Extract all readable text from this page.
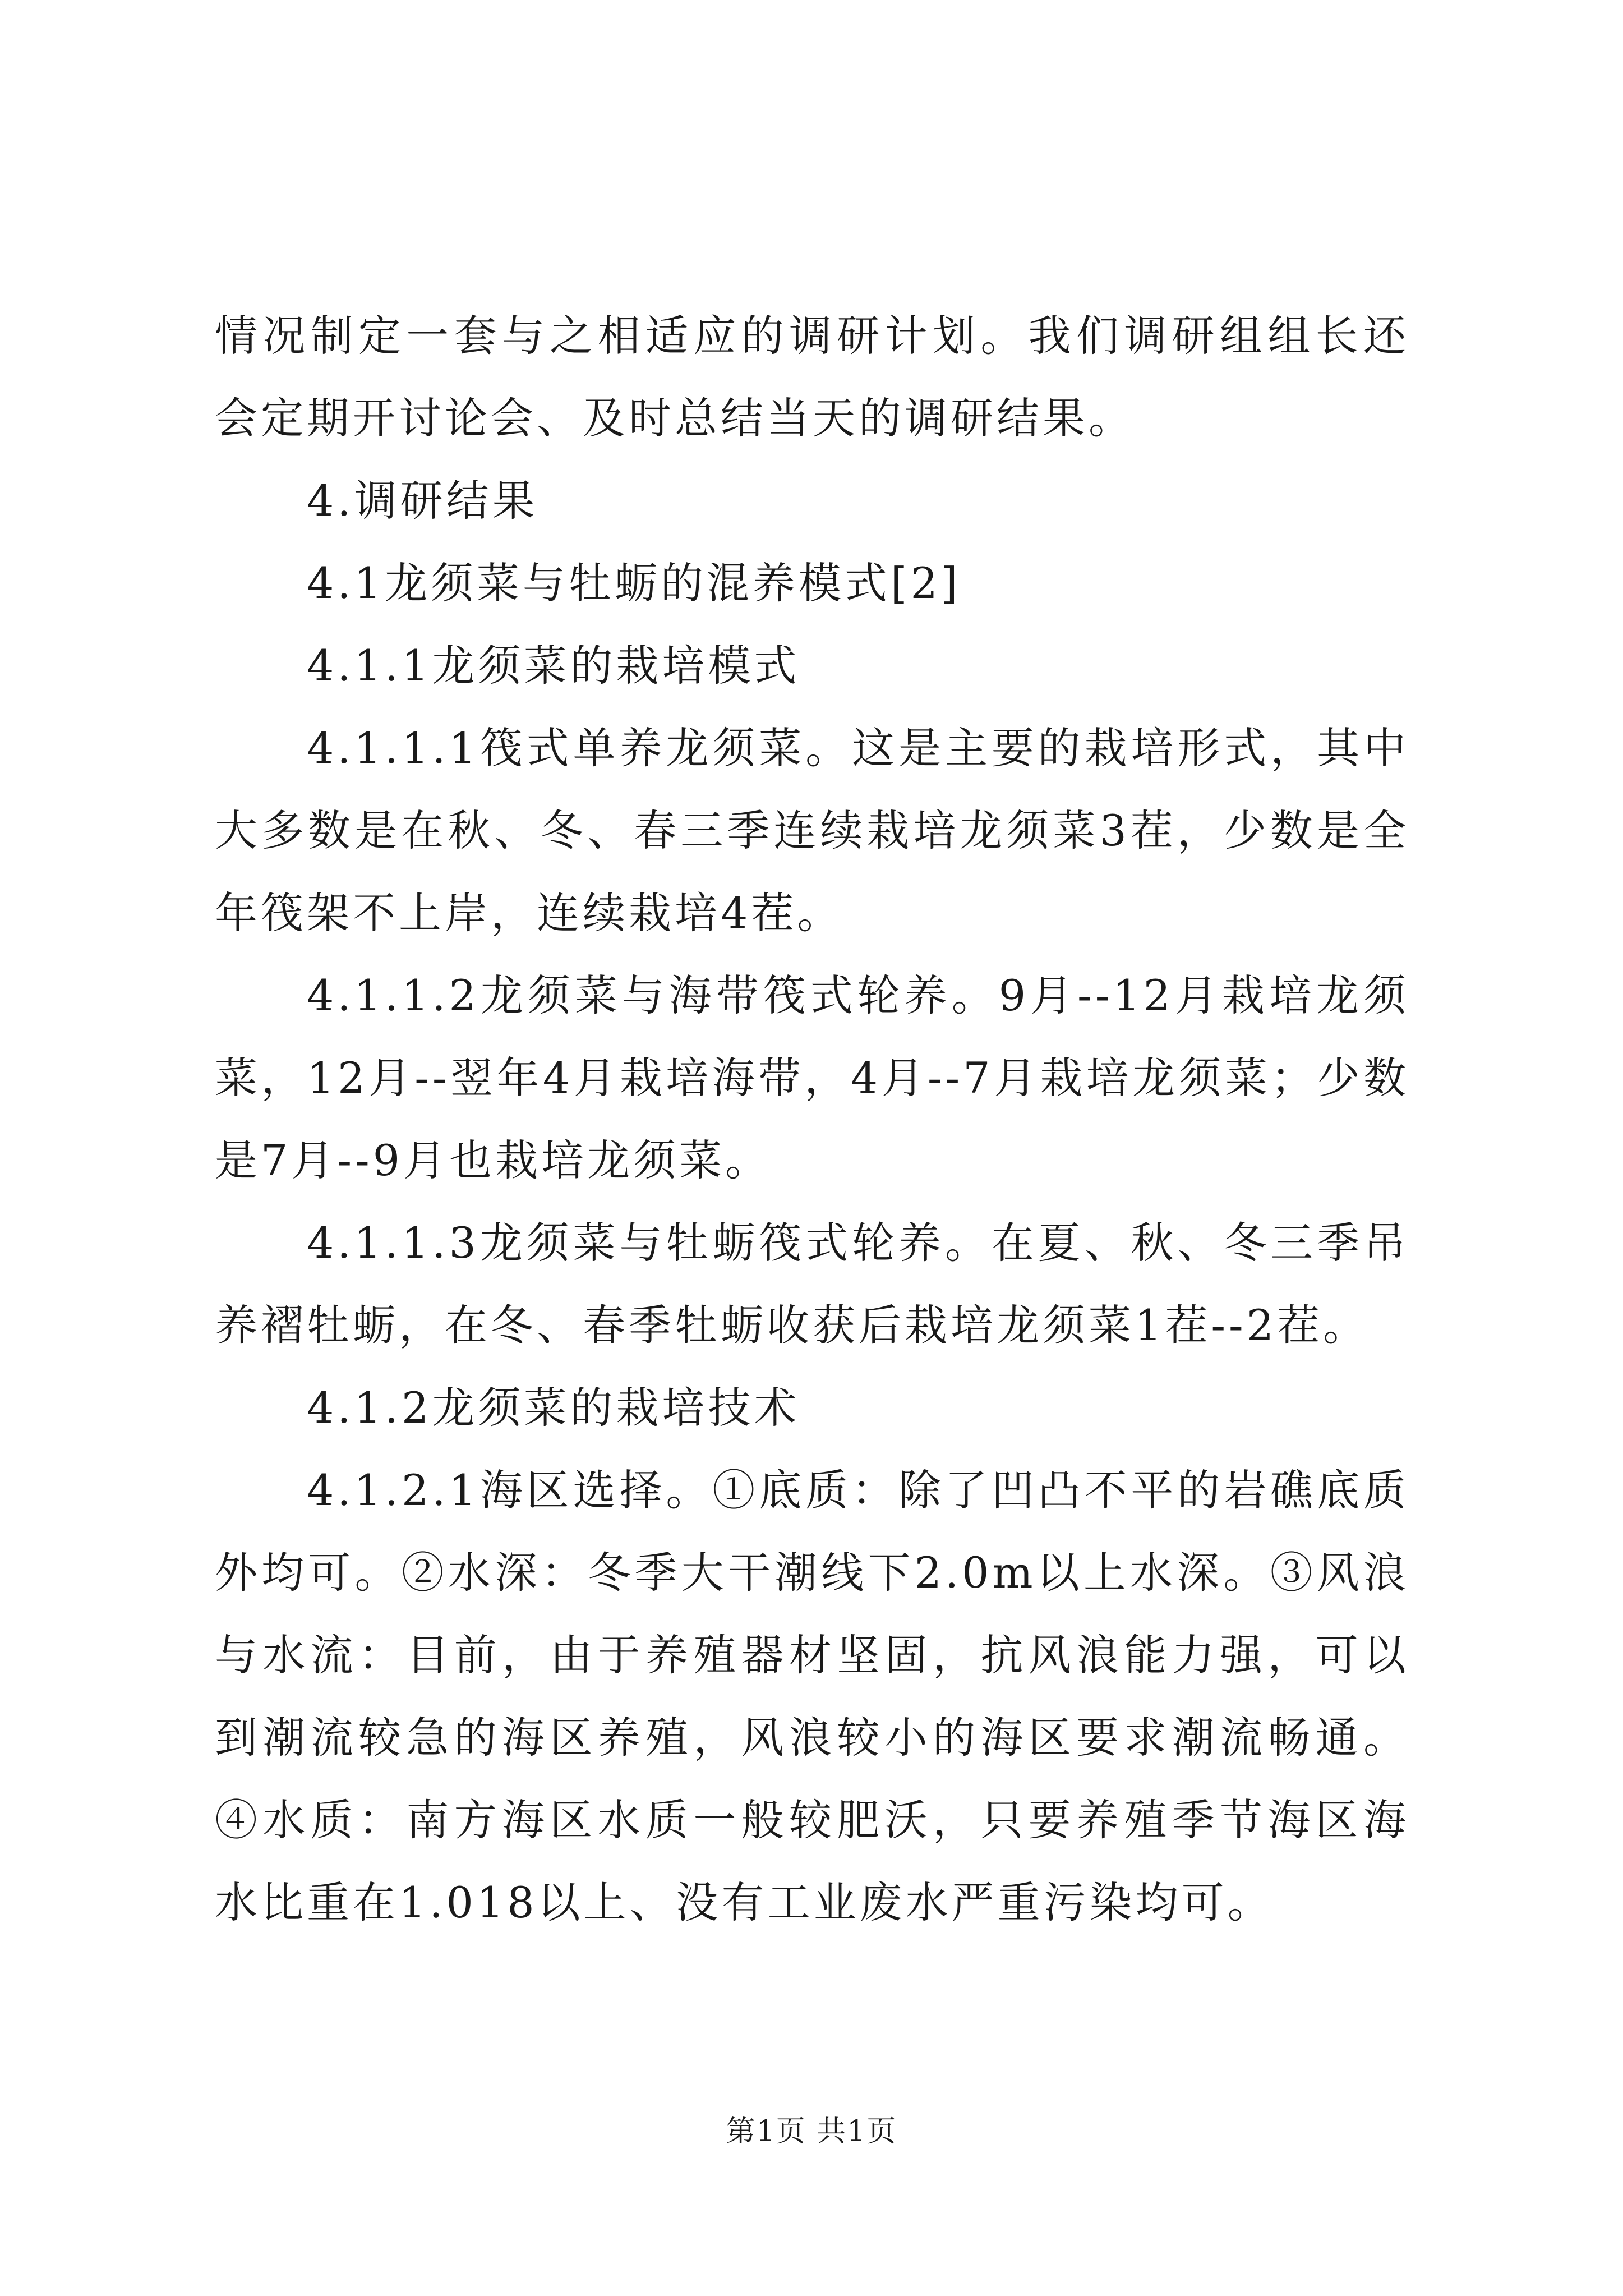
情况制定一套与之相适应的调研计划。我们调研组组长还会定期开讨论会、及时总结当天的调研结果。

4.调研结果

4.1龙须菜与牡蛎的混养模式[2]

4.1.1龙须菜的栽培模式

4.1.1.1筏式单养龙须菜。这是主要的栽培形式，其中大多数是在秋、冬、春三季连续栽培龙须菜3茬，少数是全年筏架不上岸，连续栽培4茬。

4.1.1.2龙须菜与海带筏式轮养。9月--12月栽培龙须菜，12月--翌年4月栽培海带，4月--7月栽培龙须菜；少数是7月--9月也栽培龙须菜。

4.1.1.3龙须菜与牡蛎筏式轮养。在夏、秋、冬三季吊养褶牡蛎，在冬、春季牡蛎收获后栽培龙须菜1茬--2茬。

4.1.2龙须菜的栽培技术

4.1.2.1海区选择。①底质：除了凹凸不平的岩礁底质外均可。②水深：冬季大干潮线下2.0m以上水深。③风浪与水流：目前，由于养殖器材坚固，抗风浪能力强，可以到潮流较急的海区养殖，风浪较小的海区要求潮流畅通。④水质：南方海区水质一般较肥沃，只要养殖季节海区海水比重在1.018以上、没有工业废水严重污染均可。

第1页 共1页
